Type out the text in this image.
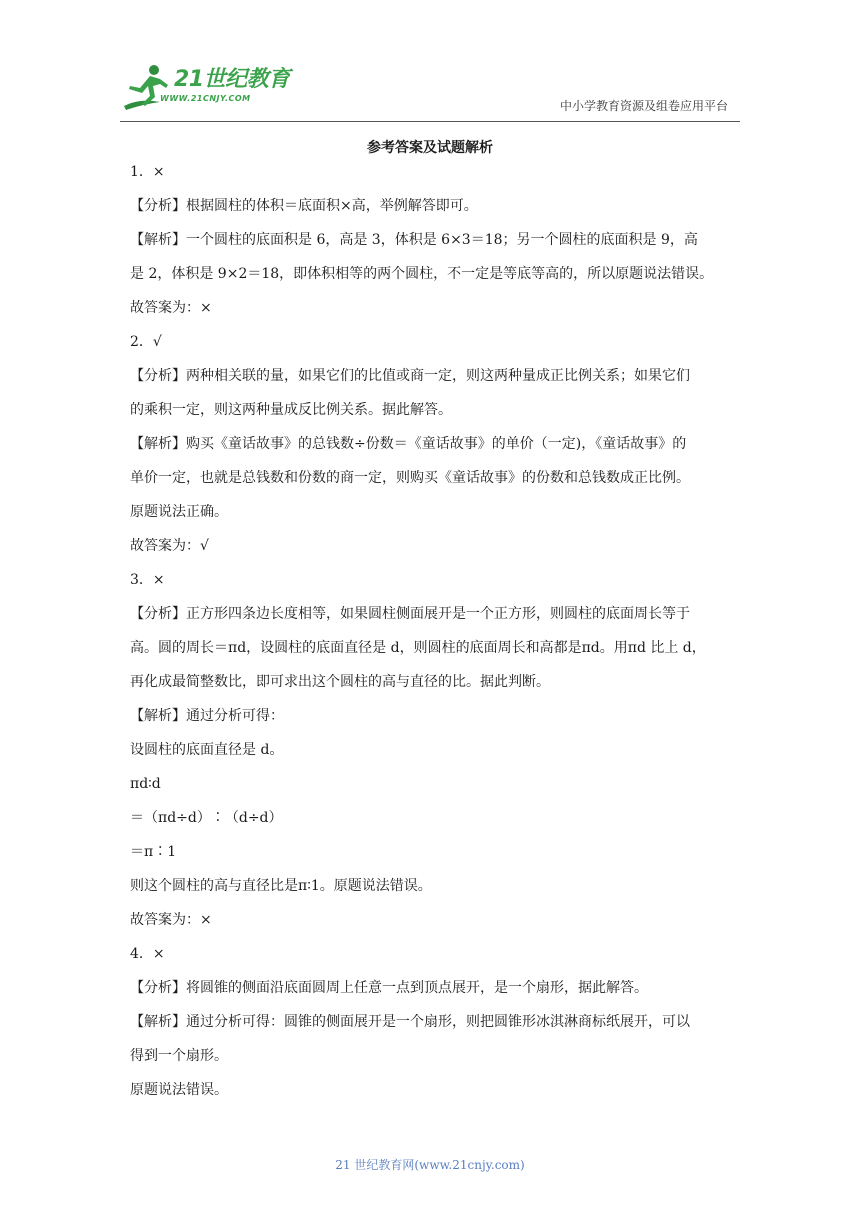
21世纪教育
WWW.21CNJY.COM
中小学教育资源及组卷应用平台
参考答案及试题解析
1．×
【分析】根据圆柱的体积＝底面积×高，举例解答即可。
【解析】一个圆柱的底面积是 6，高是 3，体积是 6×3＝18；另一个圆柱的底面积是 9，高
是 2，体积是 9×2＝18，即体积相等的两个圆柱，不一定是等底等高的，所以原题说法错误。
故答案为：×
2．√
【分析】两种相关联的量，如果它们的比值或商一定，则这两种量成正比例关系；如果它们
的乘积一定，则这两种量成反比例关系。据此解答。
【解析】购买《童话故事》的总钱数÷份数＝《童话故事》的单价（一定)，《童话故事》的
单价一定，也就是总钱数和份数的商一定，则购买《童话故事》的份数和总钱数成正比例。
原题说法正确。
故答案为：√
3．×
【分析】正方形四条边长度相等，如果圆柱侧面展开是一个正方形，则圆柱的底面周长等于
高。圆的周长＝πd，设圆柱的底面直径是 d，则圆柱的底面周长和高都是πd。用πd 比上 d，
再化成最简整数比，即可求出这个圆柱的高与直径的比。据此判断。
【解析】通过分析可得：
设圆柱的底面直径是 d。
πd∶d
＝（πd÷d）∶（d÷d）
＝π∶1
则这个圆柱的高与直径比是π∶1。原题说法错误。
故答案为：×
4．×
【分析】将圆锥的侧面沿底面圆周上任意一点到顶点展开，是一个扇形，据此解答。
【解析】通过分析可得：圆锥的侧面展开是一个扇形，则把圆锥形冰淇淋商标纸展开，可以
得到一个扇形。
原题说法错误。
21 世纪教育网(www.21cnjy.com)
